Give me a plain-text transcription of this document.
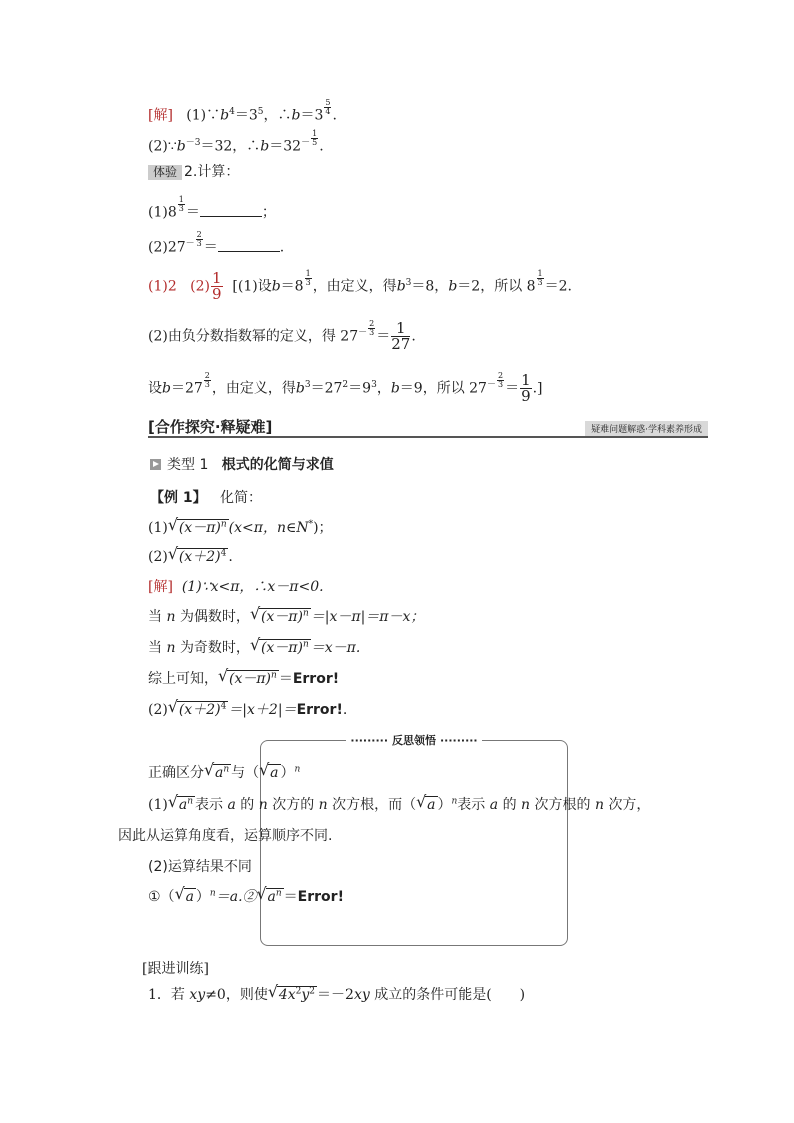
[解] $(1)\because b^4=3^5$，∴b＝3 $\frac{5}{4}$ .
$(2)\because b^{-3}=32$，∴b＝32－ $\frac{1}{5}$ .
体验 2.计算：
$(1)8 \frac{1}{3}$ ＝	；
$(2)27^- \frac{2}{3}$ ＝	.
(1)2 $(2) \frac{1}{9} [(1)$设$b=8 \frac{1}{3}$ ，由定义，得$b^3=8$，b＝2，所以 $8 \frac{1}{3} =2$.
(2)由负分数指数幂的定义，得 $27^- \frac{2}{3} = \frac{1}{27}$ .
设$b=27 \frac{2}{3}$ ，由定义，得$b^3=27^2=9^3$，b＝9，所以 $27^- \frac{2}{3} = \frac{1}{9}$ .]
[合作探究·释疑难]	疑难问题解惑·学科素养形成
类型 1 根式的化简与求值
【例 1】 化简：
(1) √ $(x-\pi)^n$ (x<π，n∈N*)；
(2) √ $(x+2)^4$ .
[解] (1)∵x<π，∴x－π<0.
当 n 为偶数时， √ $(x-\pi)^n =|x-\pi|=\pi-x$；
当 n 为奇数时， √ $(x-\pi)^n =x-\pi$.
综上可知， √ $(x-\pi)^n$ ＝Error!
(2) √ $(x+2)^4$ ＝|x＋2|＝Error!.
········· 反思领悟 ·········
正确区分 √ $a^n$ 与（ √ a ）$^n$
(1) √ $a^n$ 表示 a 的 n 次方的 n 次方根，而（ √ a ）$^n$表示 a 的 n 次方根的 n 次方，
因此从运算角度看，运算顺序不同.
(2)运算结果不同
①（ √ a ）$^n$＝a.② √ $a^n$ ＝Error!
[跟进训练]
1．若 xy≠0，则使 √ $4x^2y^2 =-2xy$ 成立的条件可能是(　　)
